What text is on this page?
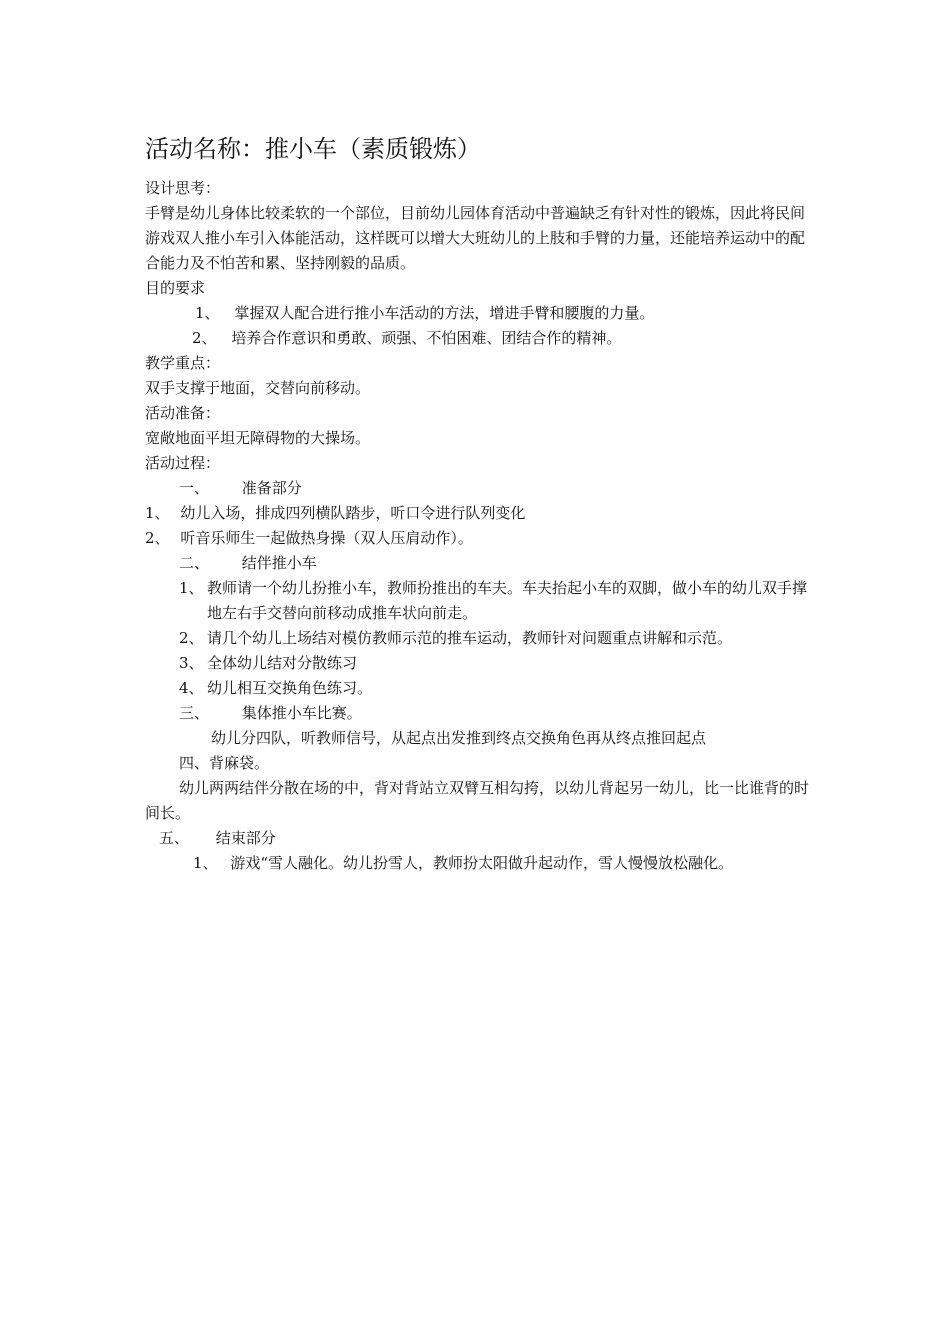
活动名称：推小车（素质锻炼）

设计思考：

手臂是幼儿身体比较柔软的一个部位，目前幼儿园体育活动中普遍缺乏有针对性的锻炼，因此将民间游戏双人推小车引入体能活动，这样既可以增大大班幼儿的上肢和手臂的力量，还能培养运动中的配合能力及不怕苦和累、坚持刚毅的品质。

目的要求

1、 掌握双人配合进行推小车活动的方法，增进手臂和腰腹的力量。
2、 培养合作意识和勇敢、顽强、不怕困难、团结合作的精神。

教学重点：

双手支撑于地面，交替向前移动。

活动准备：

宽敞地面平坦无障碍物的大操场。

活动过程：

一、 准备部分
1、 幼儿入场，排成四列横队踏步，听口令进行队列变化
2、 听音乐师生一起做热身操（双人压肩动作）。
二、 结伴推小车
1、 教师请一个幼儿扮推小车，教师扮推出的车夫。车夫抬起小车的双脚，做小车的幼儿双手撑地左右手交替向前移动成推车状向前走。
2、 请几个幼儿上场结对模仿教师示范的推车运动，教师针对问题重点讲解和示范。
3、 全体幼儿结对分散练习
4、 幼儿相互交换角色练习。
三、 集体推小车比赛。

幼儿分四队，听教师信号，从起点出发推到终点交换角色再从终点推回起点

四、背麻袋。

幼儿两两结伴分散在场的中，背对背站立双臂互相勾挎，以幼儿背起另一幼儿，比一比谁背的时间长。

五、 结束部分
1、 游戏“雪人融化。幼儿扮雪人，教师扮太阳做升起动作，雪人慢慢放松融化。
